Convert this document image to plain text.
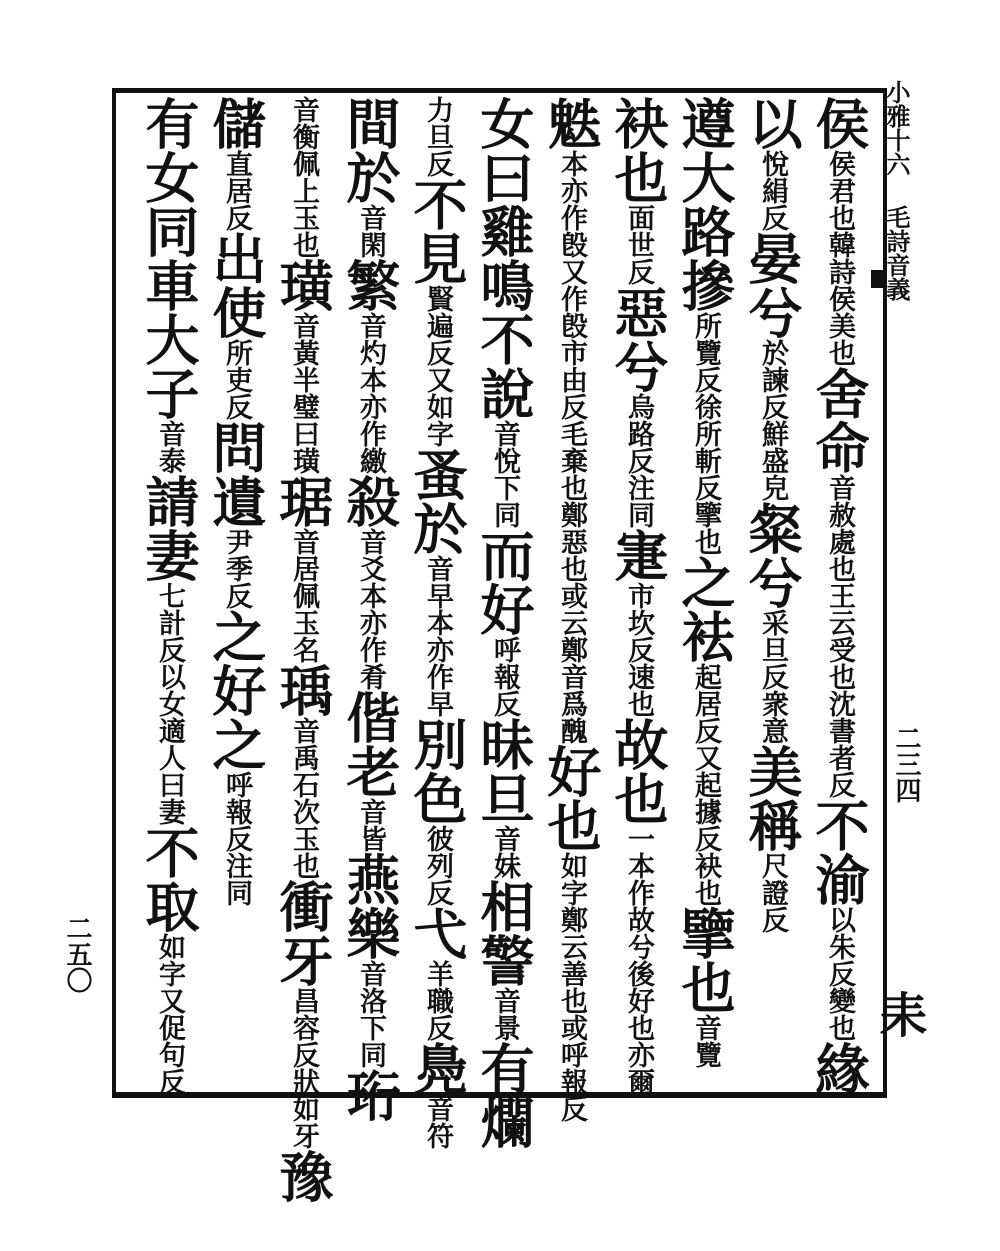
小雅十六 毛詩音義
二三四
耒
二五〇
侯侯君也韓詩侯美也舍命音赦處也王云受也沈書者反不渝以朱反變也緣
以悅絹反晏兮於諫反鮮盛皃粲兮采旦反衆意美稱尺證反
遵大路摻所覽反徐所斬反擥也之袪起居反又起據反袂也擥也音覽
袂也面世反惡兮烏路反注同寁市坎反速也故也一本作故兮後好也亦爾
䰡本亦作𣪘又作𣪘市由反毛棄也鄭惡也或云鄭音爲醜好也如字鄭云善也或呼報反
女曰雞鳴不說音悅下同而好呼報反昧旦音妹相警音景有爛
力旦反不見賢遍反又如字蚤於音早本亦作早別色彼列反弋羊職反鳧音符
間於音閑繁音灼本亦作繳殺音爻本亦作肴偕老音皆燕樂音洛下同珩
音衡佩上玉也璜音黃半璧曰璜琚音居佩玉名瑀音禹石次玉也衝牙昌容反狀如牙豫
儲直居反出使所吏反問遺尹季反之好之呼報反注同
有女同車大子音泰請妻七計反以女適人曰妻不取如字又促句反
